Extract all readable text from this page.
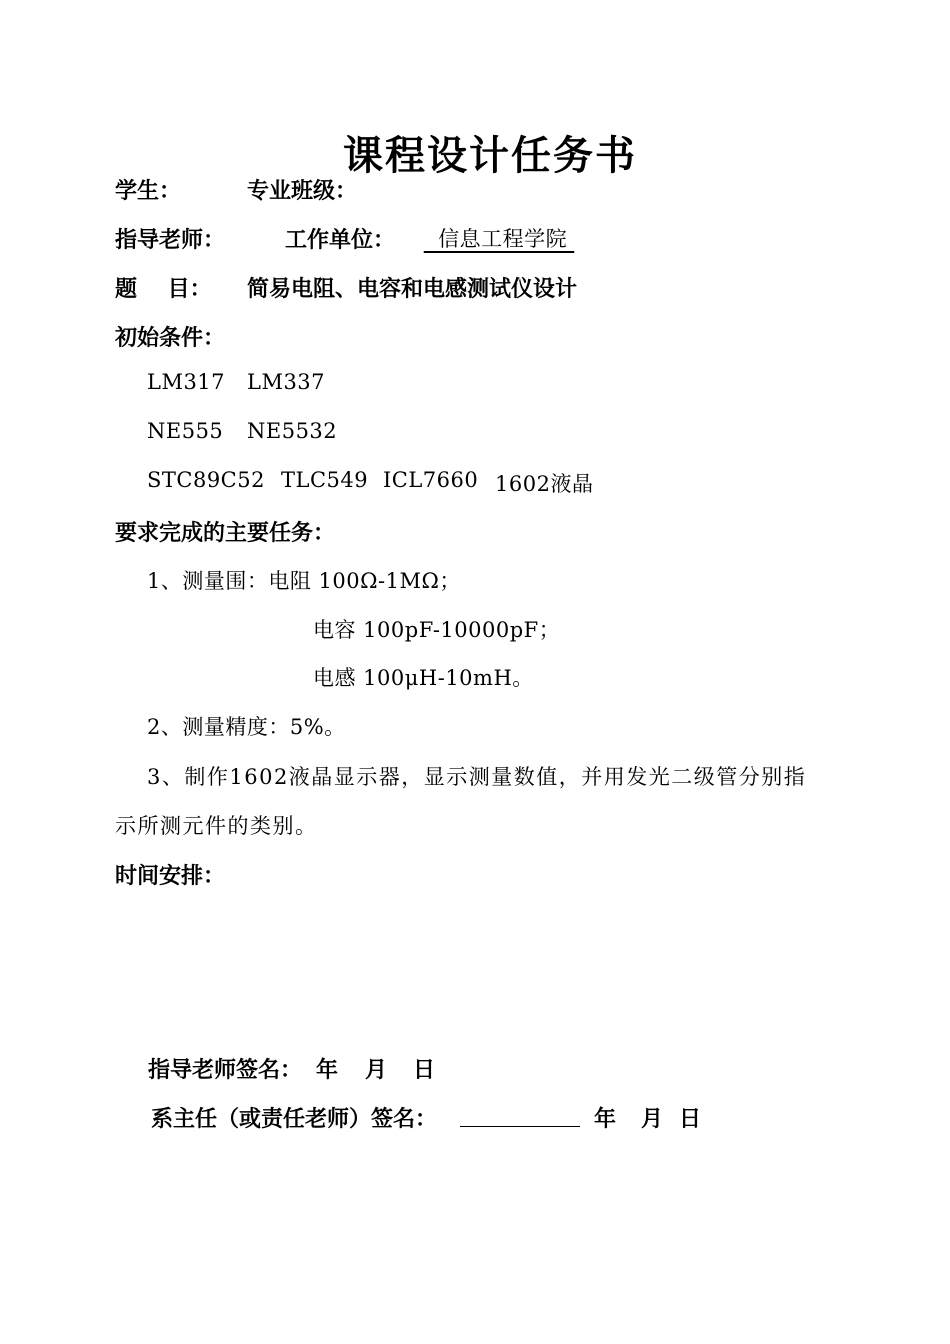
课程设计任务书
学生：	专业班级：
指导老师：	工作单位：	信息工程学院
题    目： 简易电阻、电容和电感测试仪设计
初始条件：
LM317 LM337
NE555 NE5532
STC89C52 TLC549 ICL7660 1602液晶
要求完成的主要任务：
1、测量围：电阻 100Ω-1MΩ；
电容 100pF-10000pF；
电感 100μH-10mH。
2、测量精度：5%。
3、制作1602液晶显示器，显示测量数值，并用发光二级管分别指
示所测元件的类别。
时间安排：
指导老师签名： 年 月 日
系主任（或责任老师）签名：	年 月 日
